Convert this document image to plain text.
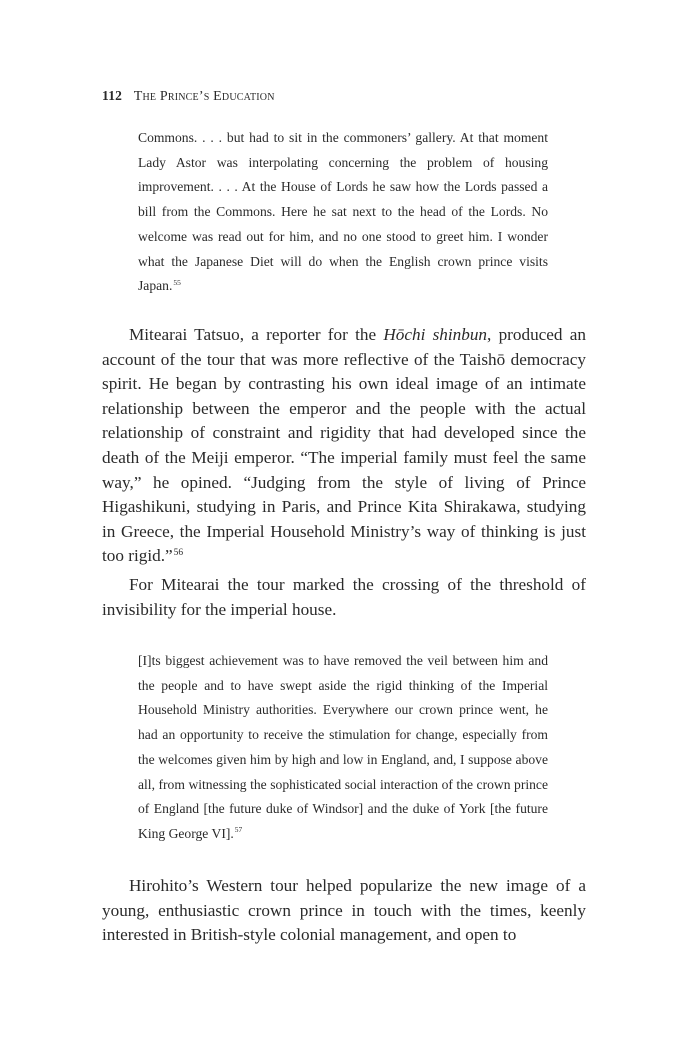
112 The Prince’s Education
Commons. . . . but had to sit in the commoners’ gallery. At that moment Lady Astor was interpolating concerning the problem of housing improvement. . . . At the House of Lords he saw how the Lords passed a bill from the Commons. Here he sat next to the head of the Lords. No welcome was read out for him, and no one stood to greet him. I wonder what the Japanese Diet will do when the English crown prince visits Japan.$^{55}$
Mitearai Tatsuo, a reporter for the Hōchi shinbun, produced an account of the tour that was more reflective of the Taishō democracy spirit. He began by contrasting his own ideal image of an intimate relationship between the emperor and the people with the actual relationship of constraint and rigidity that had developed since the death of the Meiji emperor. “The imperial family must feel the same way,” he opined. “Judging from the style of living of Prince Higashikuni, studying in Paris, and Prince Kita Shirakawa, studying in Greece, the Imperial Household Ministry’s way of thinking is just too rigid.”$^{56}$
For Mitearai the tour marked the crossing of the threshold of invisibility for the imperial house.
[I]ts biggest achievement was to have removed the veil between him and the people and to have swept aside the rigid thinking of the Imperial Household Ministry authorities. Everywhere our crown prince went, he had an opportunity to receive the stimulation for change, especially from the welcomes given him by high and low in England, and, I suppose above all, from witnessing the sophisticated social interaction of the crown prince of England [the future duke of Windsor] and the duke of York [the future King George VI].$^{57}$
Hirohito’s Western tour helped popularize the new image of a young, enthusiastic crown prince in touch with the times, keenly interested in British-style colonial management, and open to
